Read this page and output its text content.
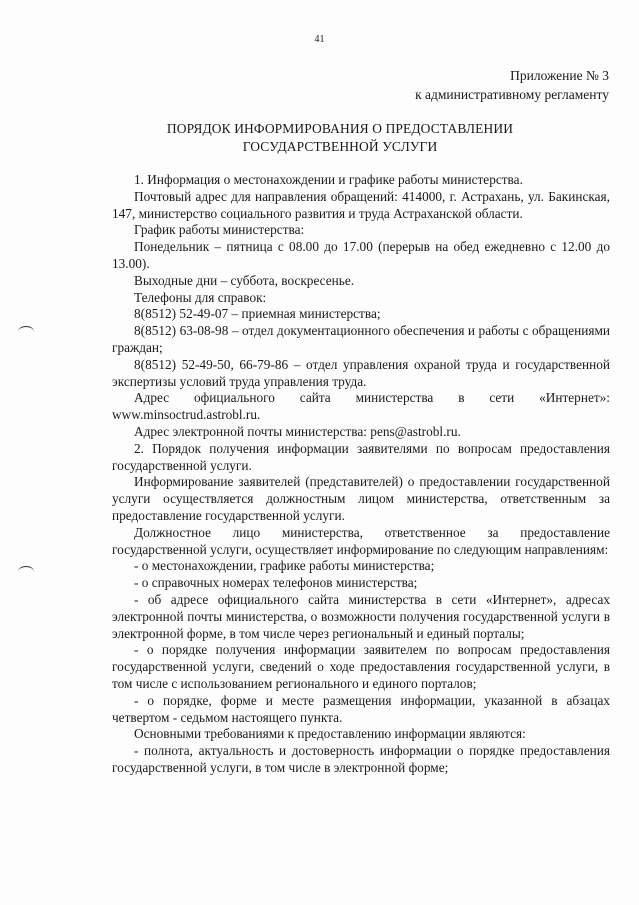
41
Приложение № 3
к административному регламенту
ПОРЯДОК ИНФОРМИРОВАНИЯ О ПРЕДОСТАВЛЕНИИ
ГОСУДАРСТВЕННОЙ УСЛУГИ

1. Информация о местонахождении и графике работы министерства.

Почтовый адрес для направления обращений: 414000, г. Астрахань, ул. Бакинская, 147, министерство социального развития и труда Астраханской области.

График работы министерства:

Понедельник – пятница с 08.00 до 17.00 (перерыв на обед ежедневно с 12.00 до 13.00).

Выходные дни – суббота, воскресенье.

Телефоны для справок:

8(8512) 52-49-07 – приемная министерства;

8(8512) 63-08-98 – отдел документационного обеспечения и работы с обращениями граждан;

8(8512) 52-49-50, 66-79-86 – отдел управления охраной труда и государственной экспертизы условий труда управления труда.

Адрес официального сайта министерства в сети «Интернет»:

www.minsoctrud.astrobl.ru.

Адрес электронной почты министерства: pens@astrobl.ru.

2. Порядок получения информации заявителями по вопросам предоставления государственной услуги.

Информирование заявителей (представителей) о предоставлении государственной услуги осуществляется должностным лицом министерства, ответственным за предоставление государственной услуги.

Должностное лицо министерства, ответственное за предоставление государственной услуги, осуществляет информирование по следующим направлениям:

- о местонахождении, графике работы министерства;

- о справочных номерах телефонов министерства;

- об адресе официального сайта министерства в сети «Интернет», адресах электронной почты министерства, о возможности получения государственной услуги в электронной форме, в том числе через региональный и единый порталы;

- о порядке получения информации заявителем по вопросам предоставления государственной услуги, сведений о ходе предоставления государственной услуги, в том числе с использованием регионального и единого порталов;

- о порядке, форме и месте размещения информации, указанной в абзацах четвертом - седьмом настоящего пункта.

Основными требованиями к предоставлению информации являются:

- полнота, актуальность и достоверность информации о порядке предоставления государственной услуги, в том числе в электронной форме;
